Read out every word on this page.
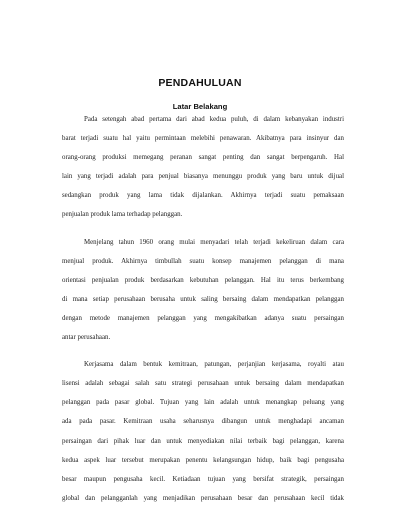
PENDAHULUAN
Latar Belakang
Pada setengah abad pertama dari abad kedua puluh, di dalam kebanyakan industri
barat terjadi suatu hal yaitu permintaan melebihi penawaran. Akibatnya para insinyur dan
orang-orang produksi memegang peranan sangat penting dan sangat berpengaruh. Hal
lain yang terjadi adalah para penjual biasanya menunggu produk yang baru untuk dijual
sedangkan produk yang lama tidak dijalankan. Akhirnya terjadi suatu pemaksaan
penjualan produk lama terhadap pelanggan.
Menjelang tahun 1960 orang mulai menyadari telah terjadi kekeliruan dalam cara
menjual produk. Akhirnya timbullah suatu konsep manajemen pelanggan di mana
orientasi penjualan produk berdasarkan kebutuhan pelanggan. Hal itu terus berkembang
di mana setiap perusahaan berusaha untuk saling bersaing dalam mendapatkan pelanggan
dengan metode manajemen pelanggan yang mengakibatkan adanya suatu persaingan
antar perusahaan.
Kerjasama dalam bentuk kemitraan, patungan, perjanjian kerjasama, royalti atau
lisensi adalah sebagai salah satu strategi perusahaan untuk bersaing dalam mendapatkan
pelanggan pada pasar global. Tujuan yang lain adalah untuk menangkap peluang yang
ada pada pasar. Kemitraan usaha seharusnya dibangun untuk menghadapi ancaman
persaingan dari pihak luar dan untuk menyediakan nilai terbaik bagi pelanggan, karena
kedua aspek luar tersebut merupakan penentu kelangsungan hidup, baik bagi pengusaha
besar maupun pengusaha kecil. Ketiadaan tujuan yang bersifat strategik, persaingan
global dan pelangganlah yang menjadikan perusahaan besar dan perusahaan kecil tidak
